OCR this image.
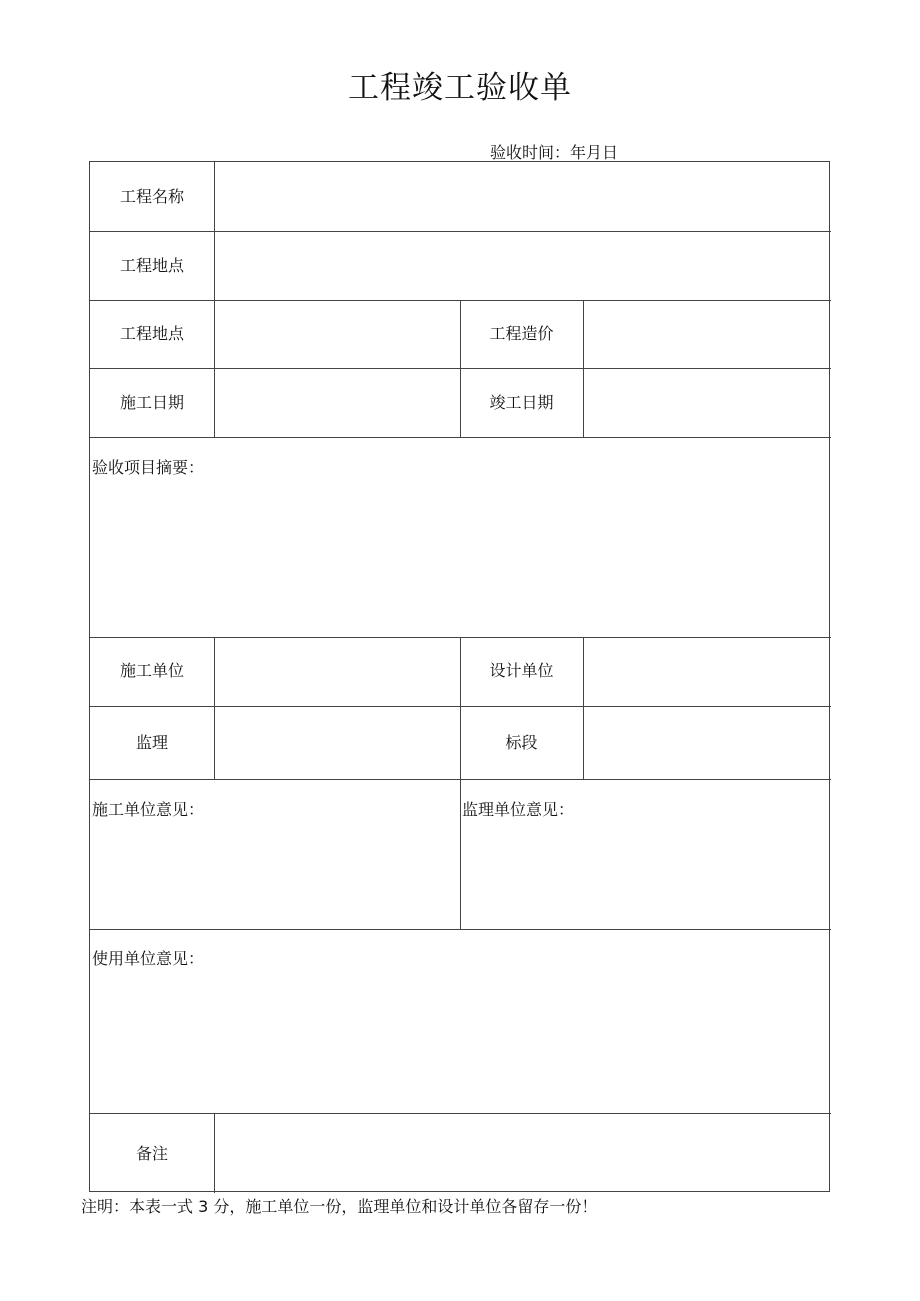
工程竣工验收单
验收时间：年月日
工程名称
工程地点
工程地点	工程造价
施工日期	竣工日期
验收项目摘要：
施工单位	设计单位
监理	标段
施工单位意见：	监理单位意见：
使用单位意见：
备注
注明：本表一式 3 分，施工单位一份，监理单位和设计单位各留存一份！
